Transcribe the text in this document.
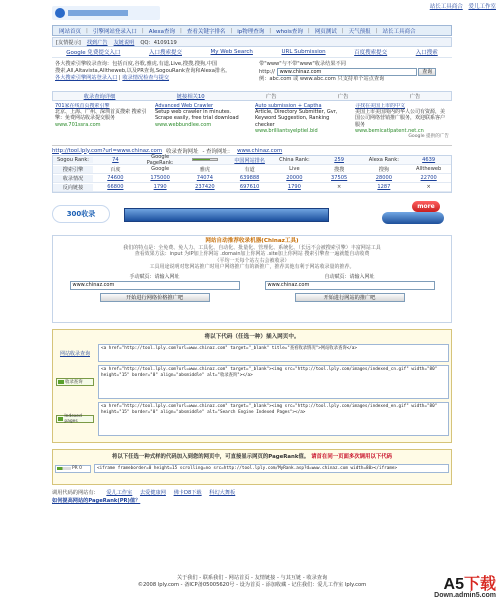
站长工具商合 爱儿工作室
网站首页 | 引擎网站登录入口 | Alexa查询 | 查看关键字排名 | ip物理查询 | whois查询 | 网页测试 | 天气预报 | 站长工具商合
[友情提示] 找到广告 友链说明 QQ：4109119
Google 免费提交入口	入口搜索提交	My Web Search	URL Submission	百度搜索提交	入口搜索
各大搜索引擎收录查询：包括百度,谷歌,雅虎,有道,Live,搜搜,搜狗,中国
搜索,All,Altavista,Alltheweb,以及PR查询,SogouRank查询和Alexa排名。
各大搜索引擎网站登录入口 | 收录情况检查与提交
带"www"与不带"www"收录结果不同
http:// www.chinaz.com	查询
例：abc.com 或 www.abc.com 只支持单个站点查询
收录查询详细	链接相关10	广告	广告	广告
701家在线首页搜索引擎
北京、上海、广州、深圳首页搜索 搜索引擎：免费网站收录提交服务
www.701ssra.com
Advanced Web Crawler
Setup web crawler in minutes. Scrape easily, free trial download
www.webbundlee.com
Auto submission + Captha
Article, Directory Submitter, Gvr, Keyword Suggestion, Ranking checker
www.brilliantsyelptiel.bid
寻找在美国上市的中文
美国上市美国境内的华人公司有资源，美国公司网络营销推广服务，欢迎联系客户服务
www.bemicatlpatent.net.cn
Google 提供的广告
http://tool.lply.com?url=www.chinaz.com 收录查询网址 - 查询网址： www.chinaz.com
Sogou Rank:	74	Google PageRank:	中国网站排名	China Rank:	259	Alexa Rank:	4639
搜索引擎	百度	Google	雅虎	有道	Live	搜搜	搜狗	Alltheweb
收录情况	74600	175000	74074	639888	20000	37505	28000	22700
反向链接	66800	1790	237420	697610	1790	×	1287	×
300收录
more
网站自动推荐收录机器(Chinaz工具)
我们的特点是：全免费、免人力、工具化、自动化、批量化、管理化、系统化、（长远不会被搜索引擎）丰富网站工具
查看效果方法：input 为IP加上你网站 .domain加上你网站 .site加上你网站 搜索引擎查一遍就能自动收费
（平均一天每个站左右会被收录）
工具用途说明对您网站推广时用户网络推广有的新推广，推荐其他有利于网站收录量的推荐。
手动赋页：请输入网址
www.chinaz.com
开始进行网络价格推广吧
自动赋页：请输入网址
www.chinaz.com
开始进行网站的推广吧
将以下代码（任选一种）插入网页中。
网站收录查询
<a href="http://tool.lply.com?url=www.chinaz.com" target="_blank" title="查看收录情况">网站收录查询</a>
收录查询
<a href="http://tool.lply.com?url=www.chinaz.com" target="_blank"><img src="http://tool.lply.com/images/indexed_cn.gif" width="80" height="15" border="0" align="absmiddle" alt="收录查询"></a>
Indexed pages
<a href="http://tool.lply.com?url=www.chinaz.com" target="_blank"><img src="http://tool.lply.com/images/indexed_en.gif" width="80" height="15" border="0" align="absmiddle" alt="Search Engine Indexed Pages"></a>
将以下任选一种式样的代码加入到您的网页中，可直接显示网页的PageRank值。 请首在同一页面多次调用以下代码
PR 0	<iframe frameborder=0 height=15 scrolling=no src=http://tool.lply.com/MyRank.asp?d=www.chinaz.com width=80></iframe>
调用代码的网站有： 爱儿工作室 去爱健康网 佛卡D8下载 科幻大舞板
如何提高网站的PageRank(PR)值？
关于我们 - 联系我们 - 网站首页 - 友情链接 - 与其互链 - 收录查询
©2008 lply.com - 备ICP备05005620号 - 设为首页 - 添加收藏 - 记住我们：爱儿工作室 lply.com	A5下载
Down.admin5.com
